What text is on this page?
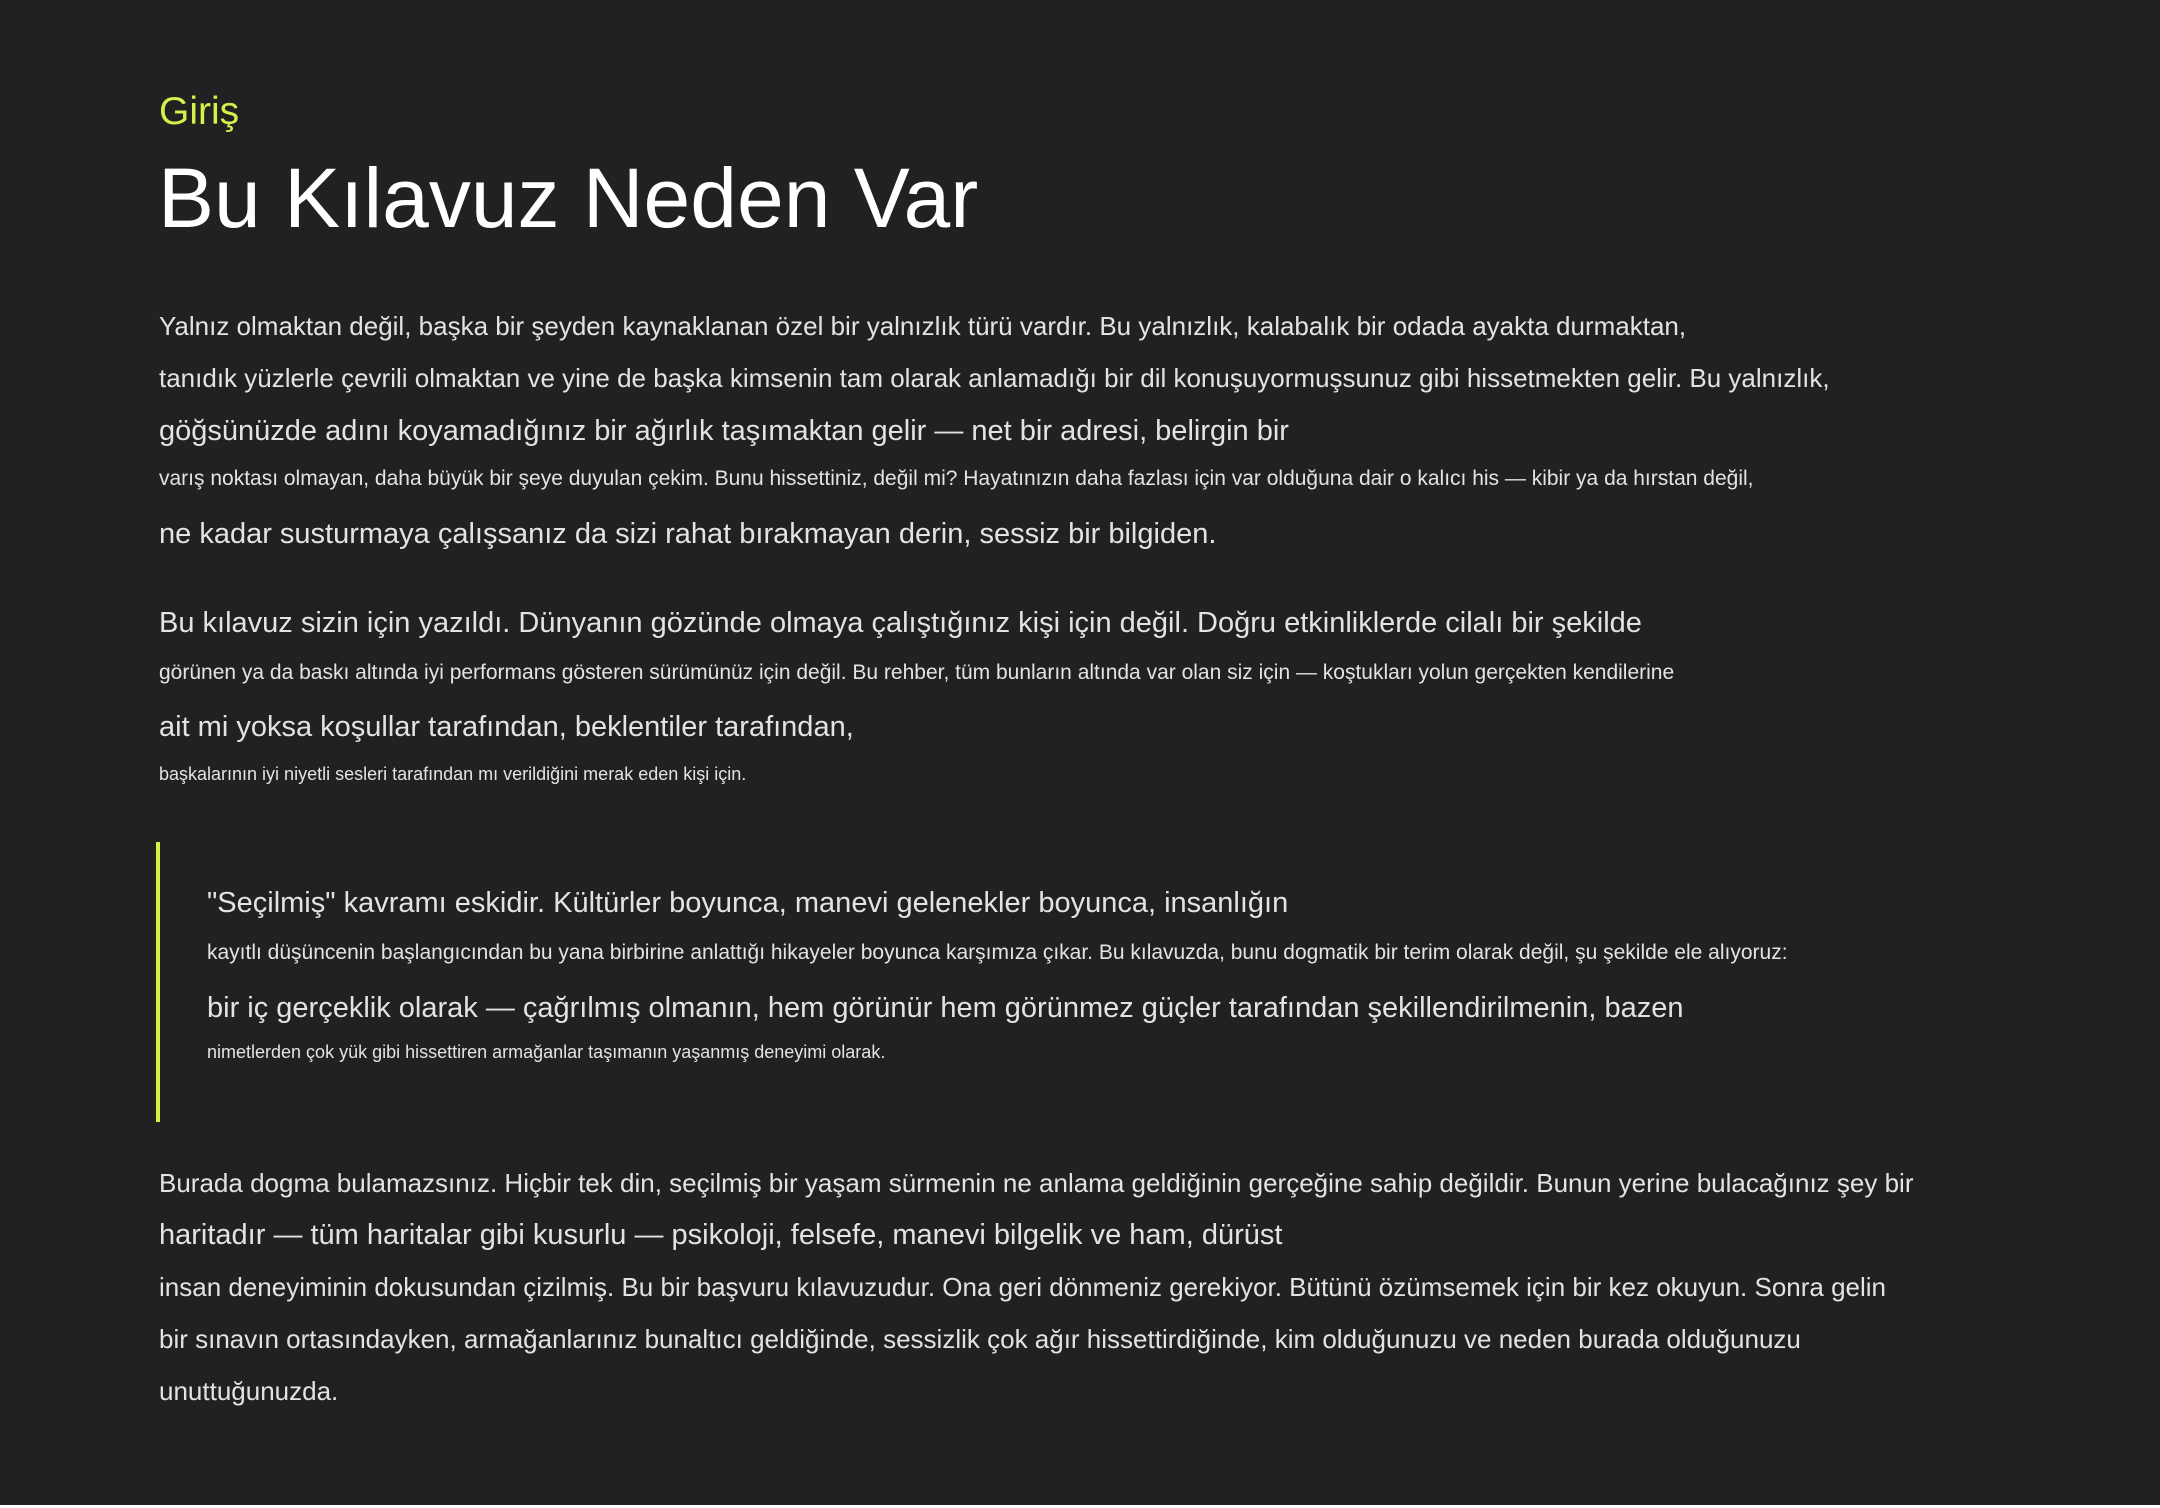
Giriş
Bu Kılavuz Neden Var
Yalnız olmaktan değil, başka bir şeyden kaynaklanan özel bir yalnızlık türü vardır. Bu yalnızlık, kalabalık bir odada ayakta durmaktan,
tanıdık yüzlerle çevrili olmaktan ve yine de başka kimsenin tam olarak anlamadığı bir dil konuşuyormuşsunuz gibi hissetmekten gelir. Bu yalnızlık,
göğsünüzde adını koyamadığınız bir ağırlık taşımaktan gelir — net bir adresi, belirgin bir
varış noktası olmayan, daha büyük bir şeye duyulan çekim. Bunu hissettiniz, değil mi? Hayatınızın daha fazlası için var olduğuna dair o kalıcı his — kibir ya da hırstan değil,
ne kadar susturmaya çalışsanız da sizi rahat bırakmayan derin, sessiz bir bilgiden.
Bu kılavuz sizin için yazıldı. Dünyanın gözünde olmaya çalıştığınız kişi için değil. Doğru etkinliklerde cilalı bir şekilde
görünen ya da baskı altında iyi performans gösteren sürümünüz için değil. Bu rehber, tüm bunların altında var olan siz için — koştukları yolun gerçekten kendilerine
ait mi yoksa koşullar tarafından, beklentiler tarafından,
başkalarının iyi niyetli sesleri tarafından mı verildiğini merak eden kişi için.
"Seçilmiş" kavramı eskidir. Kültürler boyunca, manevi gelenekler boyunca, insanlığın
kayıtlı düşüncenin başlangıcından bu yana birbirine anlattığı hikayeler boyunca karşımıza çıkar. Bu kılavuzda, bunu dogmatik bir terim olarak değil, şu şekilde ele alıyoruz:
bir iç gerçeklik olarak — çağrılmış olmanın, hem görünür hem görünmez güçler tarafından şekillendirilmenin, bazen
nimetlerden çok yük gibi hissettiren armağanlar taşımanın yaşanmış deneyimi olarak.
Burada dogma bulamazsınız. Hiçbir tek din, seçilmiş bir yaşam sürmenin ne anlama geldiğinin gerçeğine sahip değildir. Bunun yerine bulacağınız şey bir
haritadır — tüm haritalar gibi kusurlu — psikoloji, felsefe, manevi bilgelik ve ham, dürüst
insan deneyiminin dokusundan çizilmiş. Bu bir başvuru kılavuzudur. Ona geri dönmeniz gerekiyor. Bütünü özümsemek için bir kez okuyun. Sonra gelin
bir sınavın ortasındayken, armağanlarınız bunaltıcı geldiğinde, sessizlik çok ağır hissettirdiğinde, kim olduğunuzu ve neden burada olduğunuzu
unuttuğunuzda.
